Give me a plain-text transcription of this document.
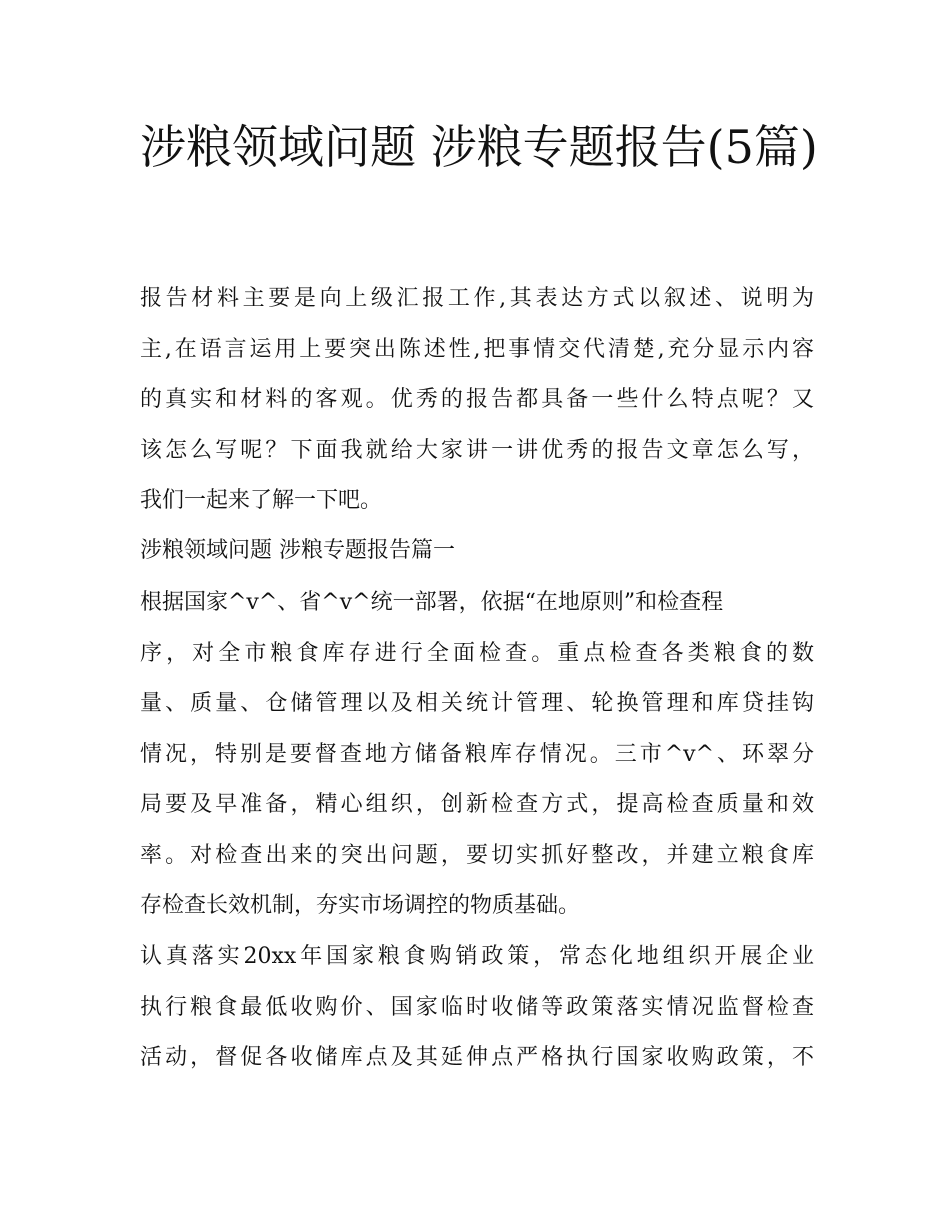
涉粮领域问题 涉粮专题报告(5篇)
报告材料主要是向上级汇报工作,其表达方式以叙述、说明为
主,在语言运用上要突出陈述性,把事情交代清楚,充分显示内容
的真实和材料的客观。优秀的报告都具备一些什么特点呢？又
该怎么写呢？下面我就给大家讲一讲优秀的报告文章怎么写，
我们一起来了解一下吧。
涉粮领域问题 涉粮专题报告篇一
根据国家^v^、省^v^统一部署，依据“在地原则”和检查程
序，对全市粮食库存进行全面检查。重点检查各类粮食的数
量、质量、仓储管理以及相关统计管理、轮换管理和库贷挂钩
情况，特别是要督查地方储备粮库存情况。三市^v^、环翠分
局要及早准备，精心组织，创新检查方式，提高检查质量和效
率。对检查出来的突出问题，要切实抓好整改，并建立粮食库
存检查长效机制，夯实市场调控的物质基础。
认真落实20xx年国家粮食购销政策，常态化地组织开展企业
执行粮食最低收购价、国家临时收储等政策落实情况监督检查
活动，督促各收储库点及其延伸点严格执行国家收购政策，不
